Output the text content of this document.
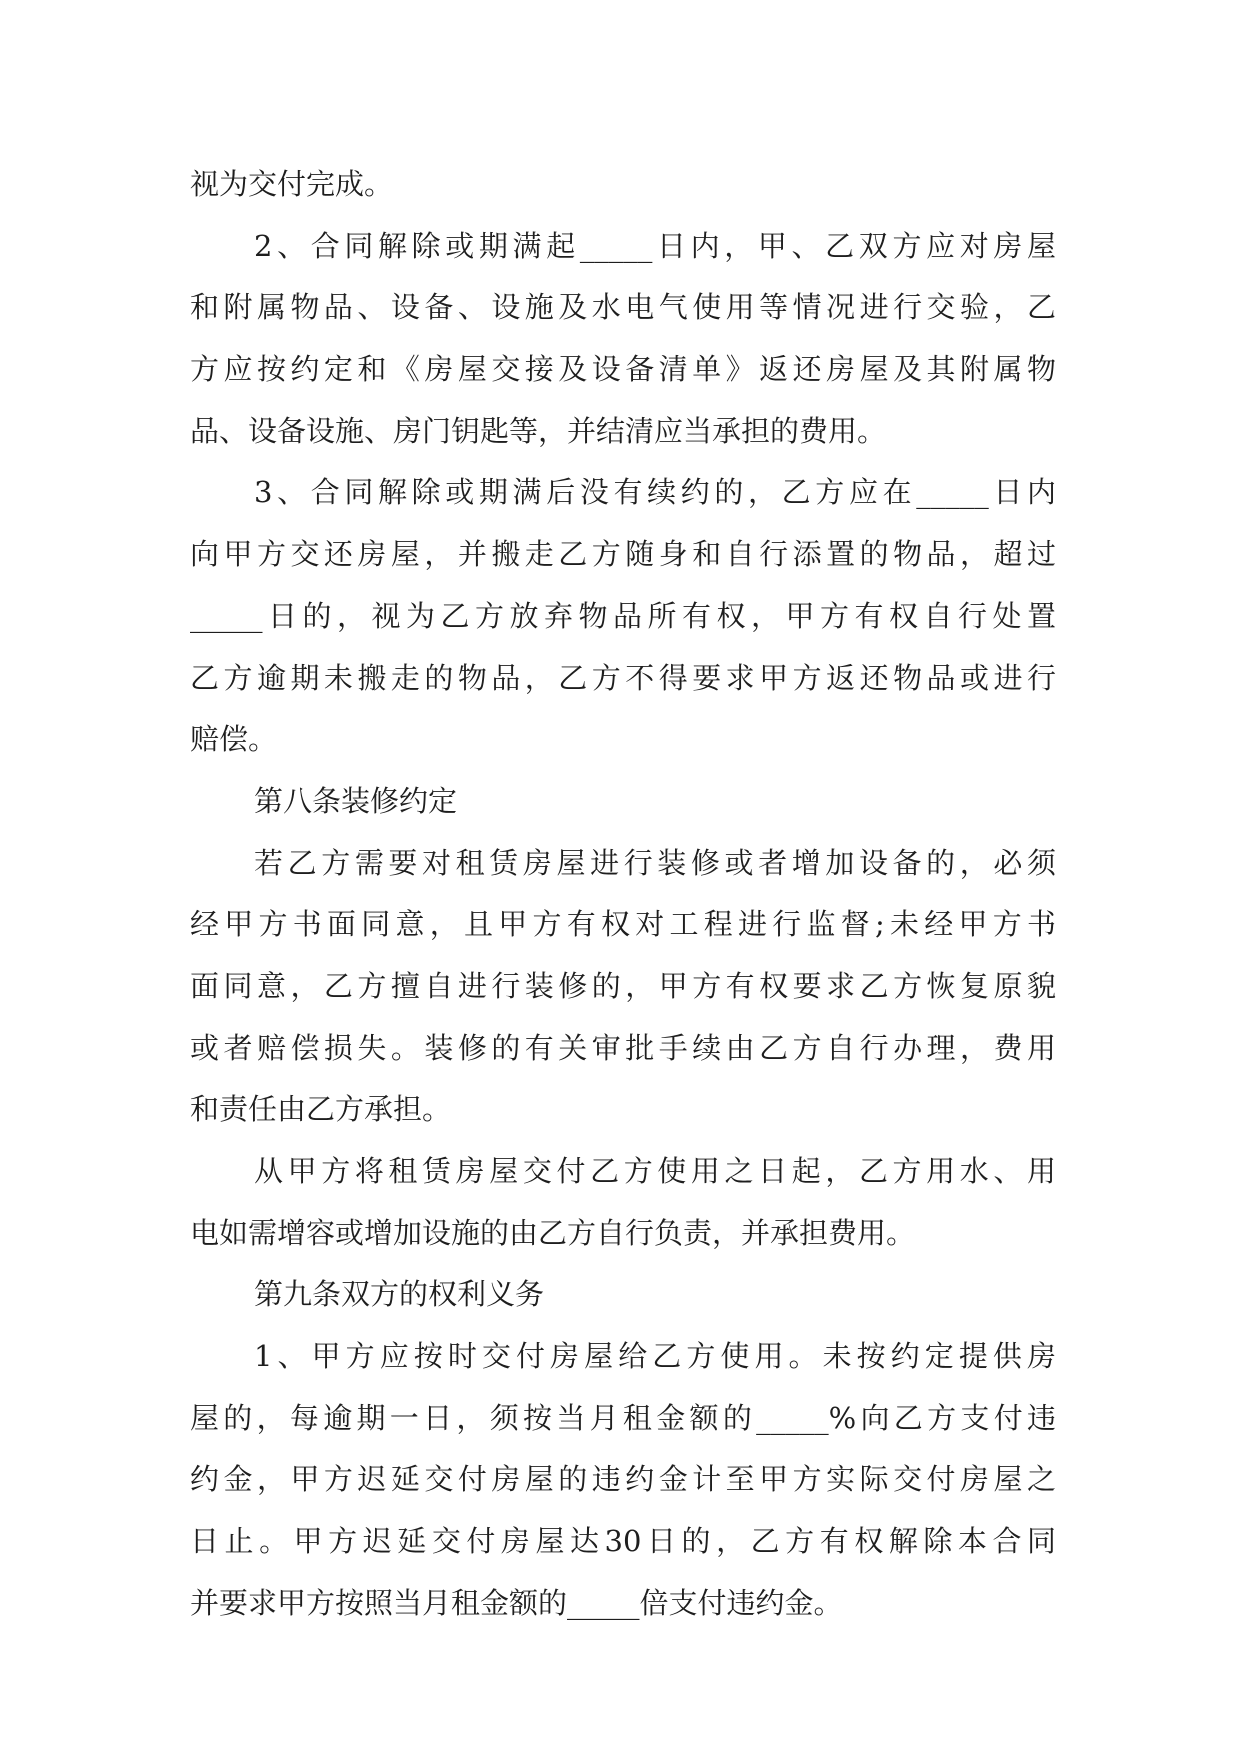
视为交付完成。
2、合同解除或期满起_____日内，甲、乙双方应对房屋
和附属物品、设备、设施及水电气使用等情况进行交验，乙
方应按约定和《房屋交接及设备清单》返还房屋及其附属物
品、设备设施、房门钥匙等，并结清应当承担的费用。
3、合同解除或期满后没有续约的，乙方应在_____日内
向甲方交还房屋，并搬走乙方随身和自行添置的物品，超过
_____日的，视为乙方放弃物品所有权，甲方有权自行处置
乙方逾期未搬走的物品，乙方不得要求甲方返还物品或进行
赔偿。
第八条装修约定
若乙方需要对租赁房屋进行装修或者增加设备的，必须
经甲方书面同意，且甲方有权对工程进行监督;未经甲方书
面同意，乙方擅自进行装修的，甲方有权要求乙方恢复原貌
或者赔偿损失。装修的有关审批手续由乙方自行办理，费用
和责任由乙方承担。
从甲方将租赁房屋交付乙方使用之日起，乙方用水、用
电如需增容或增加设施的由乙方自行负责，并承担费用。
第九条双方的权利义务
1、甲方应按时交付房屋给乙方使用。未按约定提供房
屋的，每逾期一日，须按当月租金额的_____%向乙方支付违
约金，甲方迟延交付房屋的违约金计至甲方实际交付房屋之
日止。甲方迟延交付房屋达30日的，乙方有权解除本合同
并要求甲方按照当月租金额的_____倍支付违约金。
